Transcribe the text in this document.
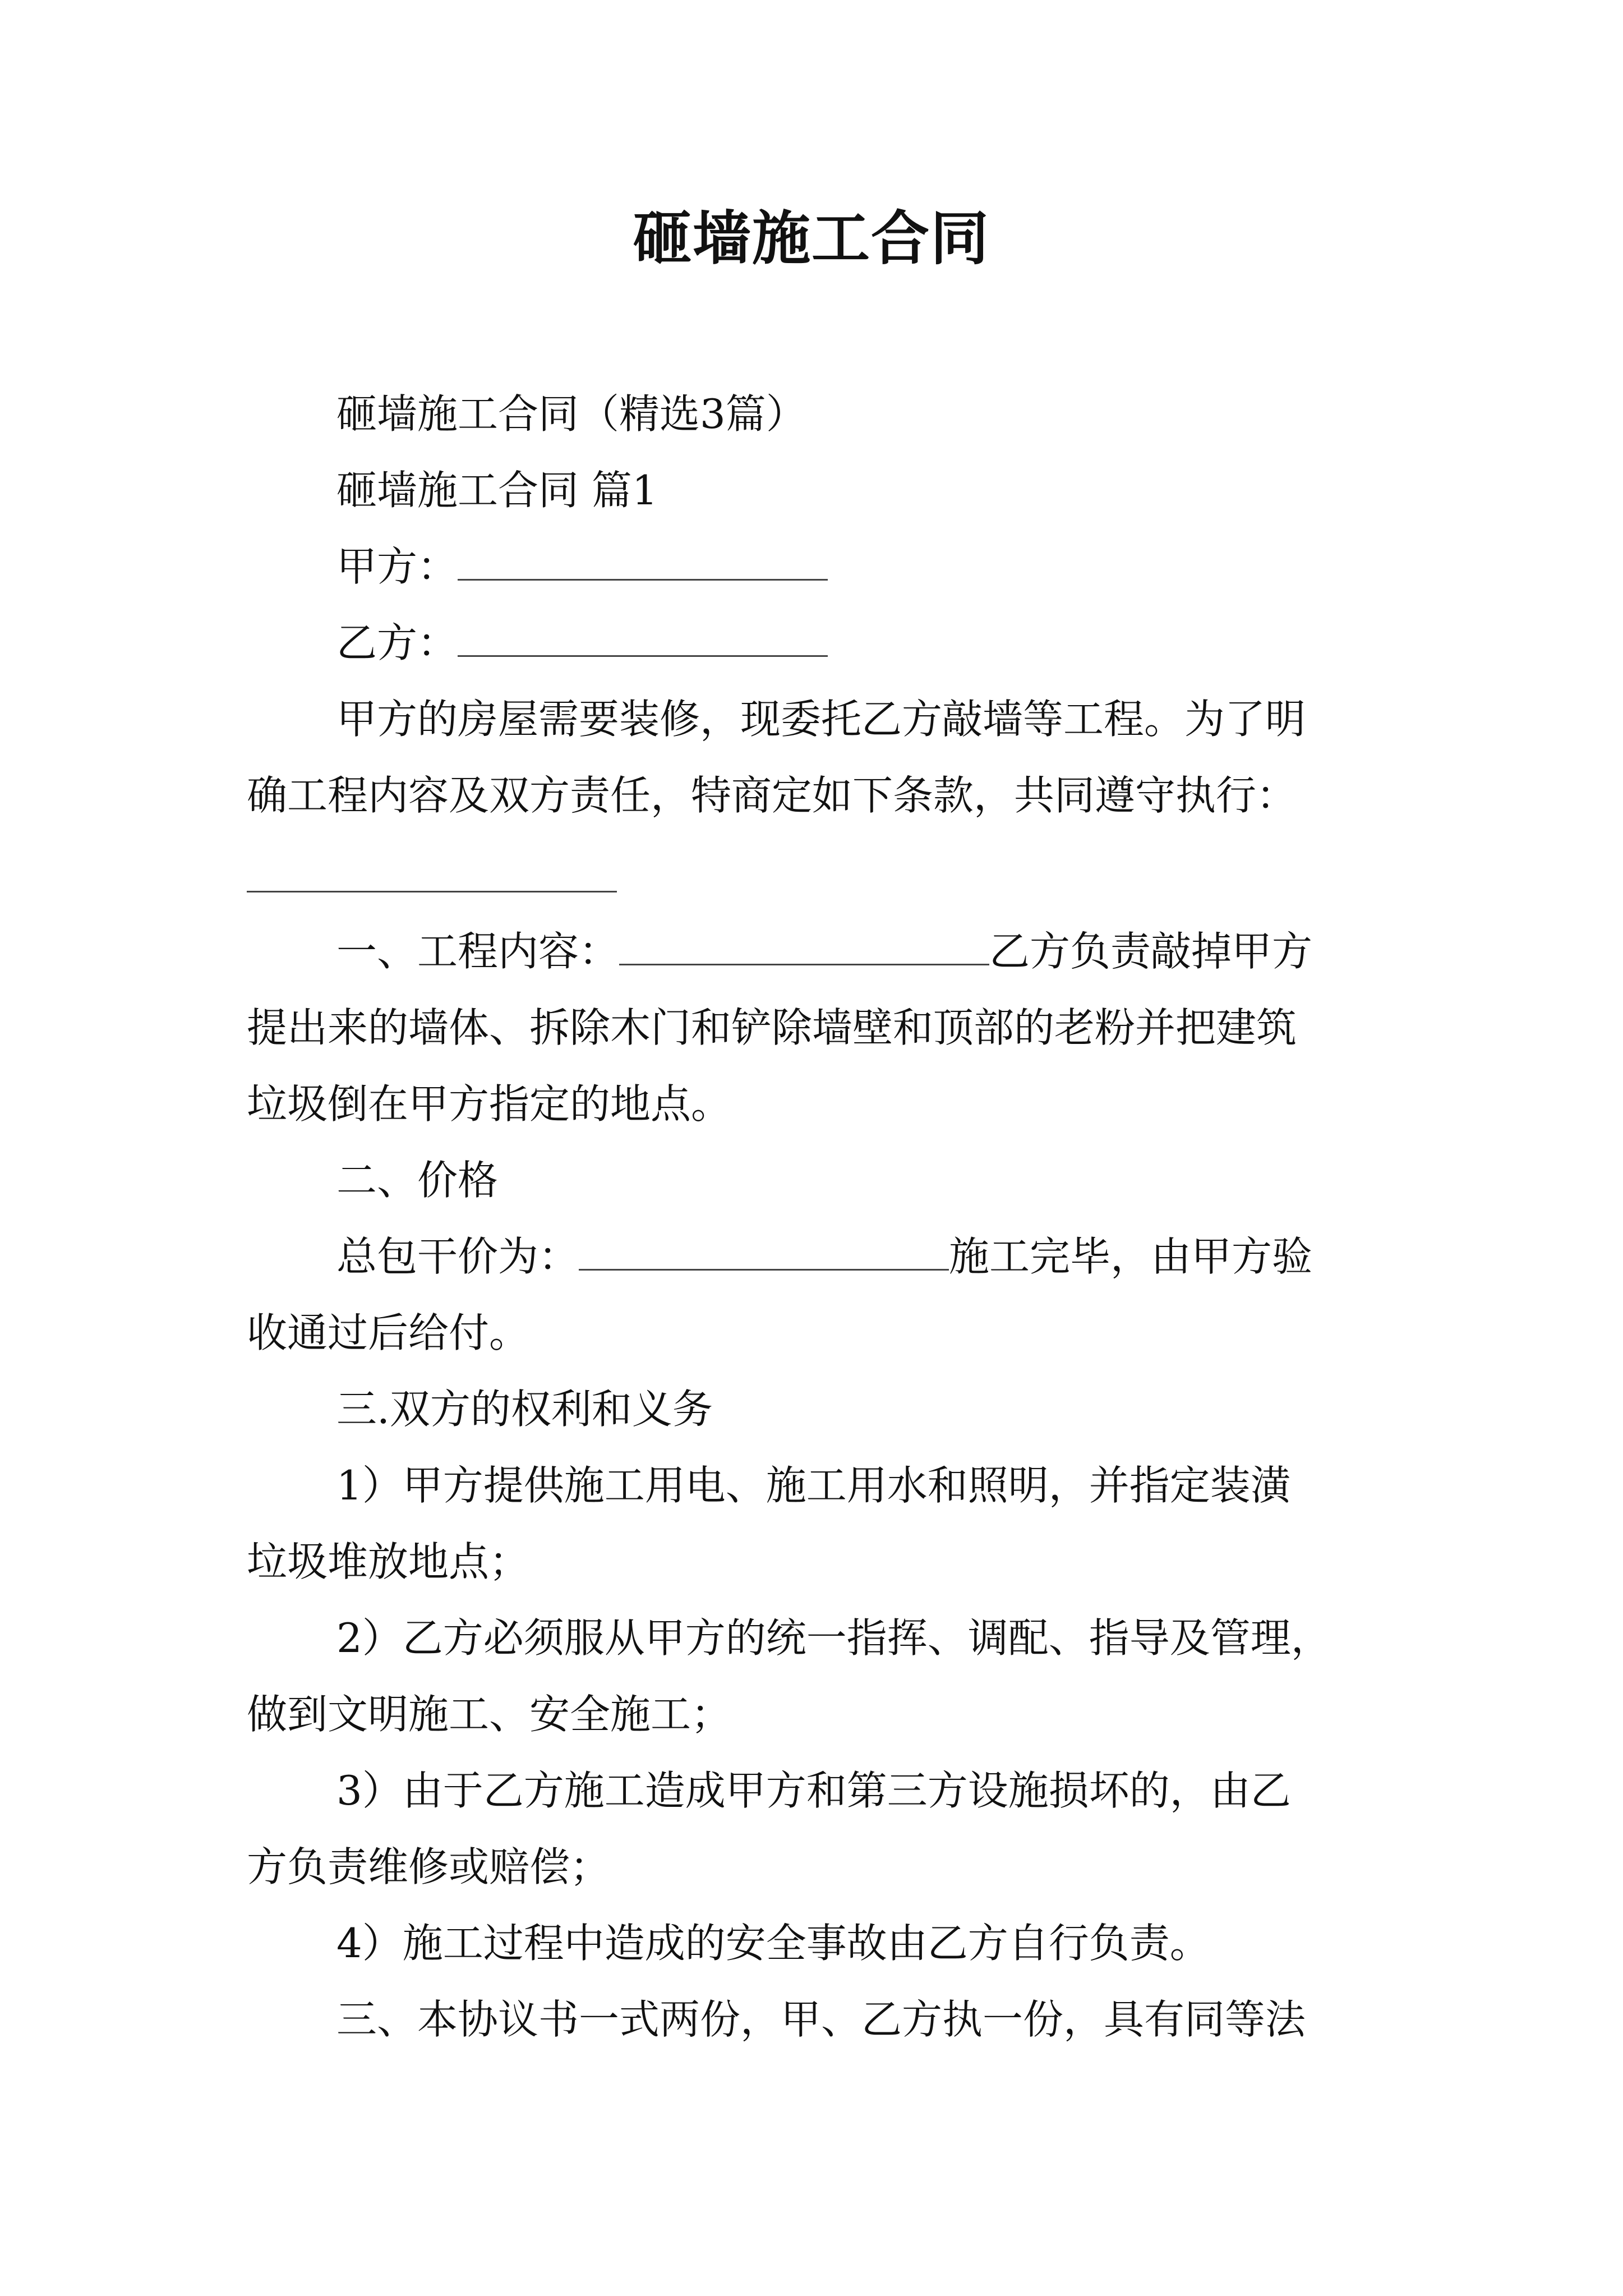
砸墙施工合同

砸墙施工合同（精选3篇）

砸墙施工合同 篇1

甲方：

乙方：

甲方的房屋需要装修，现委托乙方敲墙等工程。为了明

确工程内容及双方责任，特商定如下条款，共同遵守执行：

一、工程内容：	乙方负责敲掉甲方

提出来的墙体、拆除木门和铲除墙壁和顶部的老粉并把建筑

垃圾倒在甲方指定的地点。

二、价格

总包干价为：	施工完毕，由甲方验

收通过后给付。

三.双方的权利和义务

1）甲方提供施工用电、施工用水和照明，并指定装潢

垃圾堆放地点；

2）乙方必须服从甲方的统一指挥、调配、指导及管理，

做到文明施工、安全施工；

3）由于乙方施工造成甲方和第三方设施损坏的，由乙

方负责维修或赔偿；

4）施工过程中造成的安全事故由乙方自行负责。

三、本协议书一式两份，甲、乙方执一份，具有同等法
